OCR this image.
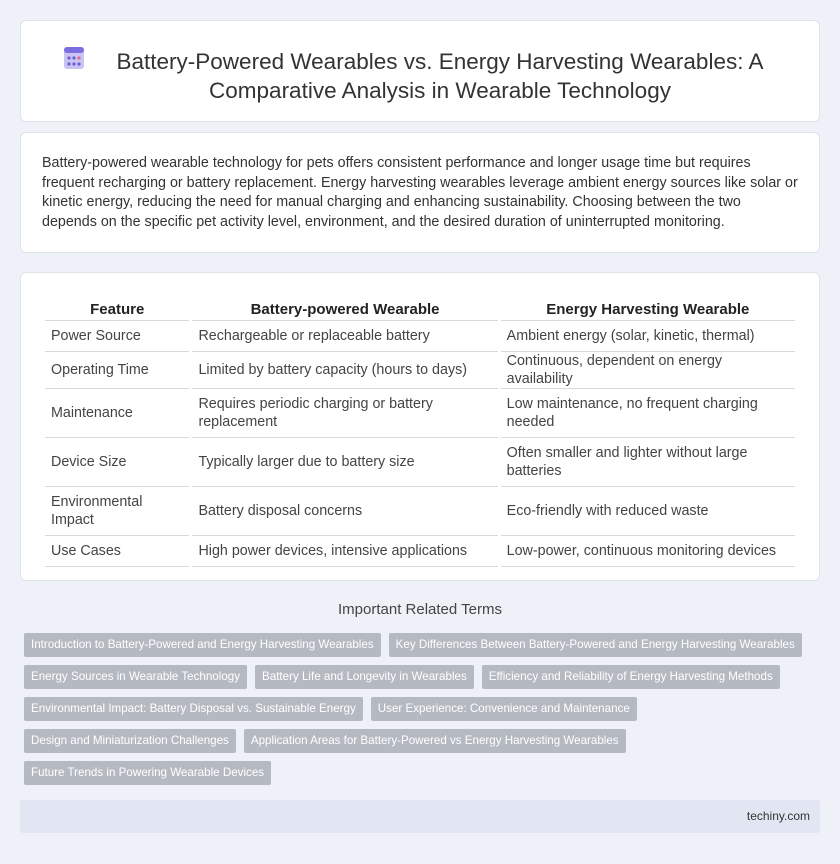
Battery-Powered Wearables vs. Energy Harvesting Wearables: A Comparative Analysis in Wearable Technology

Battery-powered wearable technology for pets offers consistent performance and longer usage time but requires frequent recharging or battery replacement. Energy harvesting wearables leverage ambient energy sources like solar or kinetic energy, reducing the need for manual charging and enhancing sustainability. Choosing between the two depends on the specific pet activity level, environment, and the desired duration of uninterrupted monitoring.

Feature	Battery-powered Wearable	Energy Harvesting Wearable
Power Source	Rechargeable or replaceable battery	Ambient energy (solar, kinetic, thermal)
Operating Time	Limited by battery capacity (hours to days)	Continuous, dependent on energy availability
Maintenance	Requires periodic charging or battery replacement	Low maintenance, no frequent charging needed
Device Size	Typically larger due to battery size	Often smaller and lighter without large batteries
Environmental Impact	Battery disposal concerns	Eco-friendly with reduced waste
Use Cases	High power devices, intensive applications	Low-power, continuous monitoring devices
Important Related Terms
Introduction to Battery-Powered and Energy Harvesting Wearables	Key Differences Between Battery-Powered and Energy Harvesting Wearables
Energy Sources in Wearable Technology	Battery Life and Longevity in Wearables	Efficiency and Reliability of Energy Harvesting Methods
Environmental Impact: Battery Disposal vs. Sustainable Energy	User Experience: Convenience and Maintenance
Design and Miniaturization Challenges	Application Areas for Battery-Powered vs Energy Harvesting Wearables
Future Trends in Powering Wearable Devices
techiny.com
